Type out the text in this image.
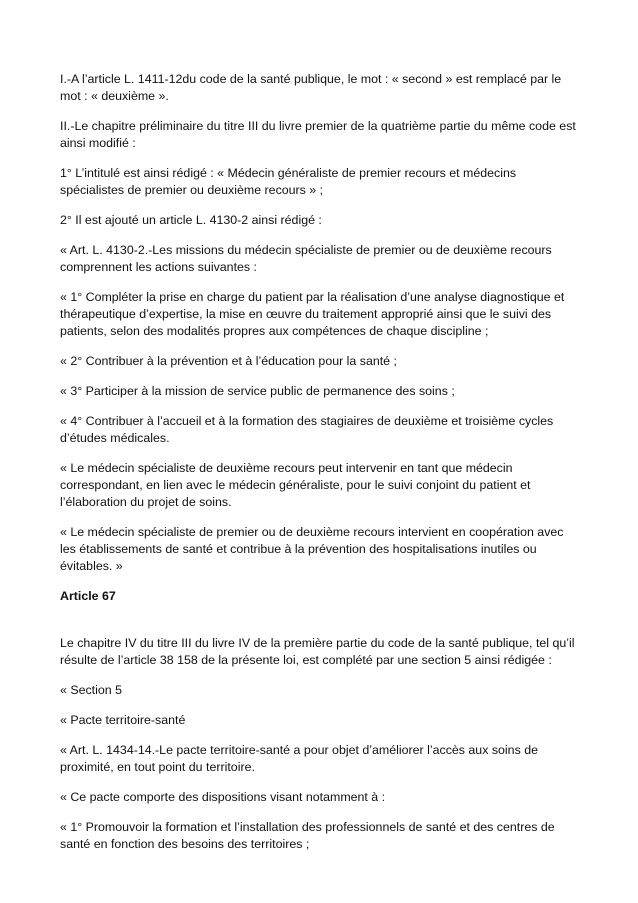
I.-A l’article L. 1411-12du code de la santé publique, le mot : « second » est remplacé par le mot : « deuxième ».

II.-Le chapitre préliminaire du titre III du livre premier de la quatrième partie du même code est ainsi modifié :

1° L’intitulé est ainsi rédigé : « Médecin généraliste de premier recours et médecins spécialistes de premier ou deuxième recours » ;

2° Il est ajouté un article L. 4130-2 ainsi rédigé :

« Art. L. 4130-2.-Les missions du médecin spécialiste de premier ou de deuxième recours comprennent les actions suivantes :

« 1° Compléter la prise en charge du patient par la réalisation d’une analyse diagnostique et thérapeutique d’expertise, la mise en œuvre du traitement approprié ainsi que le suivi des patients, selon des modalités propres aux compétences de chaque discipline ;

« 2° Contribuer à la prévention et à l’éducation pour la santé ;

« 3° Participer à la mission de service public de permanence des soins ;

« 4° Contribuer à l’accueil et à la formation des stagiaires de deuxième et troisième cycles d’études médicales.

« Le médecin spécialiste de deuxième recours peut intervenir en tant que médecin correspondant, en lien avec le médecin généraliste, pour le suivi conjoint du patient et l’élaboration du projet de soins.

« Le médecin spécialiste de premier ou de deuxième recours intervient en coopération avec les établissements de santé et contribue à la prévention des hospitalisations inutiles ou évitables. »

Article 67

Le chapitre IV du titre III du livre IV de la première partie du code de la santé publique, tel qu’il résulte de l’article 38 158 de la présente loi, est complété par une section 5 ainsi rédigée :

« Section 5

« Pacte territoire-santé

« Art. L. 1434-14.-Le pacte territoire-santé a pour objet d’améliorer l’accès aux soins de proximité, en tout point du territoire.

« Ce pacte comporte des dispositions visant notamment à :

« 1° Promouvoir la formation et l’installation des professionnels de santé et des centres de santé en fonction des besoins des territoires ;
